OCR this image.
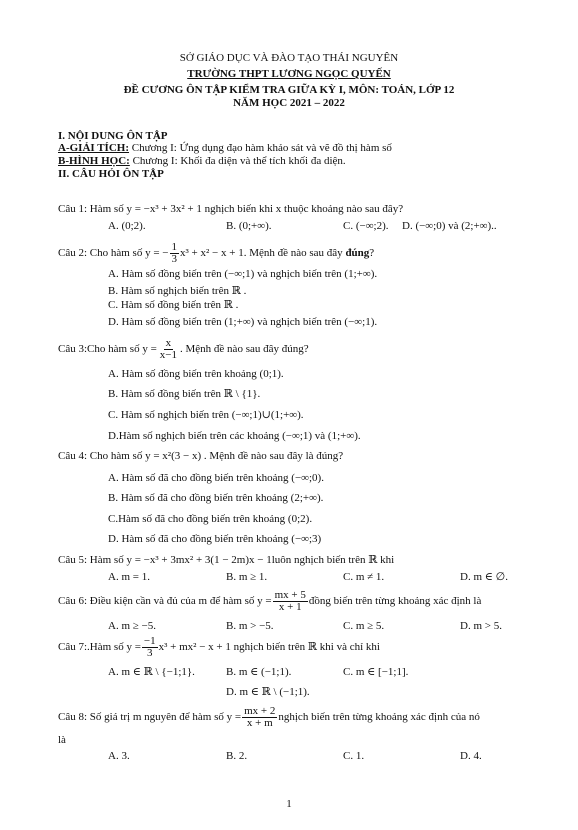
SỞ GIÁO DỤC VÀ ĐÀO TẠO THÁI NGUYÊN
TRƯỜNG THPT LƯƠNG NGỌC QUYẾN
ĐỀ CƯƠNG ÔN TẬP KIỂM TRA GIỮA KỲ I, MÔN: TOÁN, LỚP 12
NĂM HỌC 2021 – 2022
I. NỘI DUNG ÔN TẬP
A-GIẢI TÍCH: Chương I: Ứng dụng đạo hàm khảo sát và vẽ đồ thị hàm số
B-HÌNH HỌC: Chương I: Khối đa diện và thể tích khối đa diện.
II. CÂU HỎI ÔN TẬP
Câu 1: Hàm số y = −x³ + 3x² + 1 nghịch biến khi x thuộc khoảng nào sau đây?
A. (0;2).	B. (0;+∞).	C. (−∞;2). D. (−∞;0) và (2;+∞)..
Câu 2: Cho hàm số y = − $\frac{1}{3} x^3 + x^2 - x + 1$. Mệnh đề nào sau đây đúng?
A. Hàm số đồng biến trên (−∞;1) và nghịch biến trên (1;+∞).
B. Hàm số nghịch biến trên ℝ .
C. Hàm số đồng biến trên ℝ .
D. Hàm số đồng biến trên (1;+∞) và nghịch biến trên (−∞;1).
Câu 3:Cho hàm số $y = \frac{x}{x-1}$ . Mệnh đề nào sau đây đúng?
A. Hàm số đồng biến trên khoảng (0;1).
B. Hàm số đồng biến trên ℝ \ {1}.
C. Hàm số nghịch biến trên (−∞;1)∪(1;+∞).
D.Hàm số nghịch biến trên các khoảng (−∞;1) và (1;+∞).
Câu 4: Cho hàm số y = x²(3 − x) . Mệnh đề nào sau đây là đúng?
A. Hàm số đã cho đồng biến trên khoảng (−∞;0).
B. Hàm số đã cho đồng biến trên khoảng (2;+∞).
C.Hàm số đã cho đồng biến trên khoảng (0;2).
D. Hàm số đã cho đồng biến trên khoảng (−∞;3)
Câu 5: Hàm số y = −x³ + 3mx² + 3(1 − 2m)x − 1luôn nghịch biến trên ℝ khi
A. m = 1.	B. m ≥ 1.	C. m ≠ 1.	D. m ∈ ∅.
Câu 6: Điều kiện cần và đủ của m để hàm số $y = \frac{mx + 5}{x + 1}$ đồng biến trên từng khoảng xác định là
A. m ≥ −5.	B. m > −5.	C. m ≥ 5.	D. m > 5.
Câu 7:.Hàm số $y = \frac{-1}{3} x^3 + mx^2 - x + 1$ nghịch biến trên ℝ khi và chỉ khi
A. m ∈ ℝ \ {−1;1}.	B. m ∈ (−1;1).	C. m ∈ [−1;1].
D. m ∈ ℝ \ (−1;1).
Câu 8: Số giá trị m nguyên để hàm số $y = \frac{mx + 2}{x + m}$ nghịch biến trên từng khoảng xác định của nó
là
A. 3.	B. 2.	C. 1.	D. 4.
1
